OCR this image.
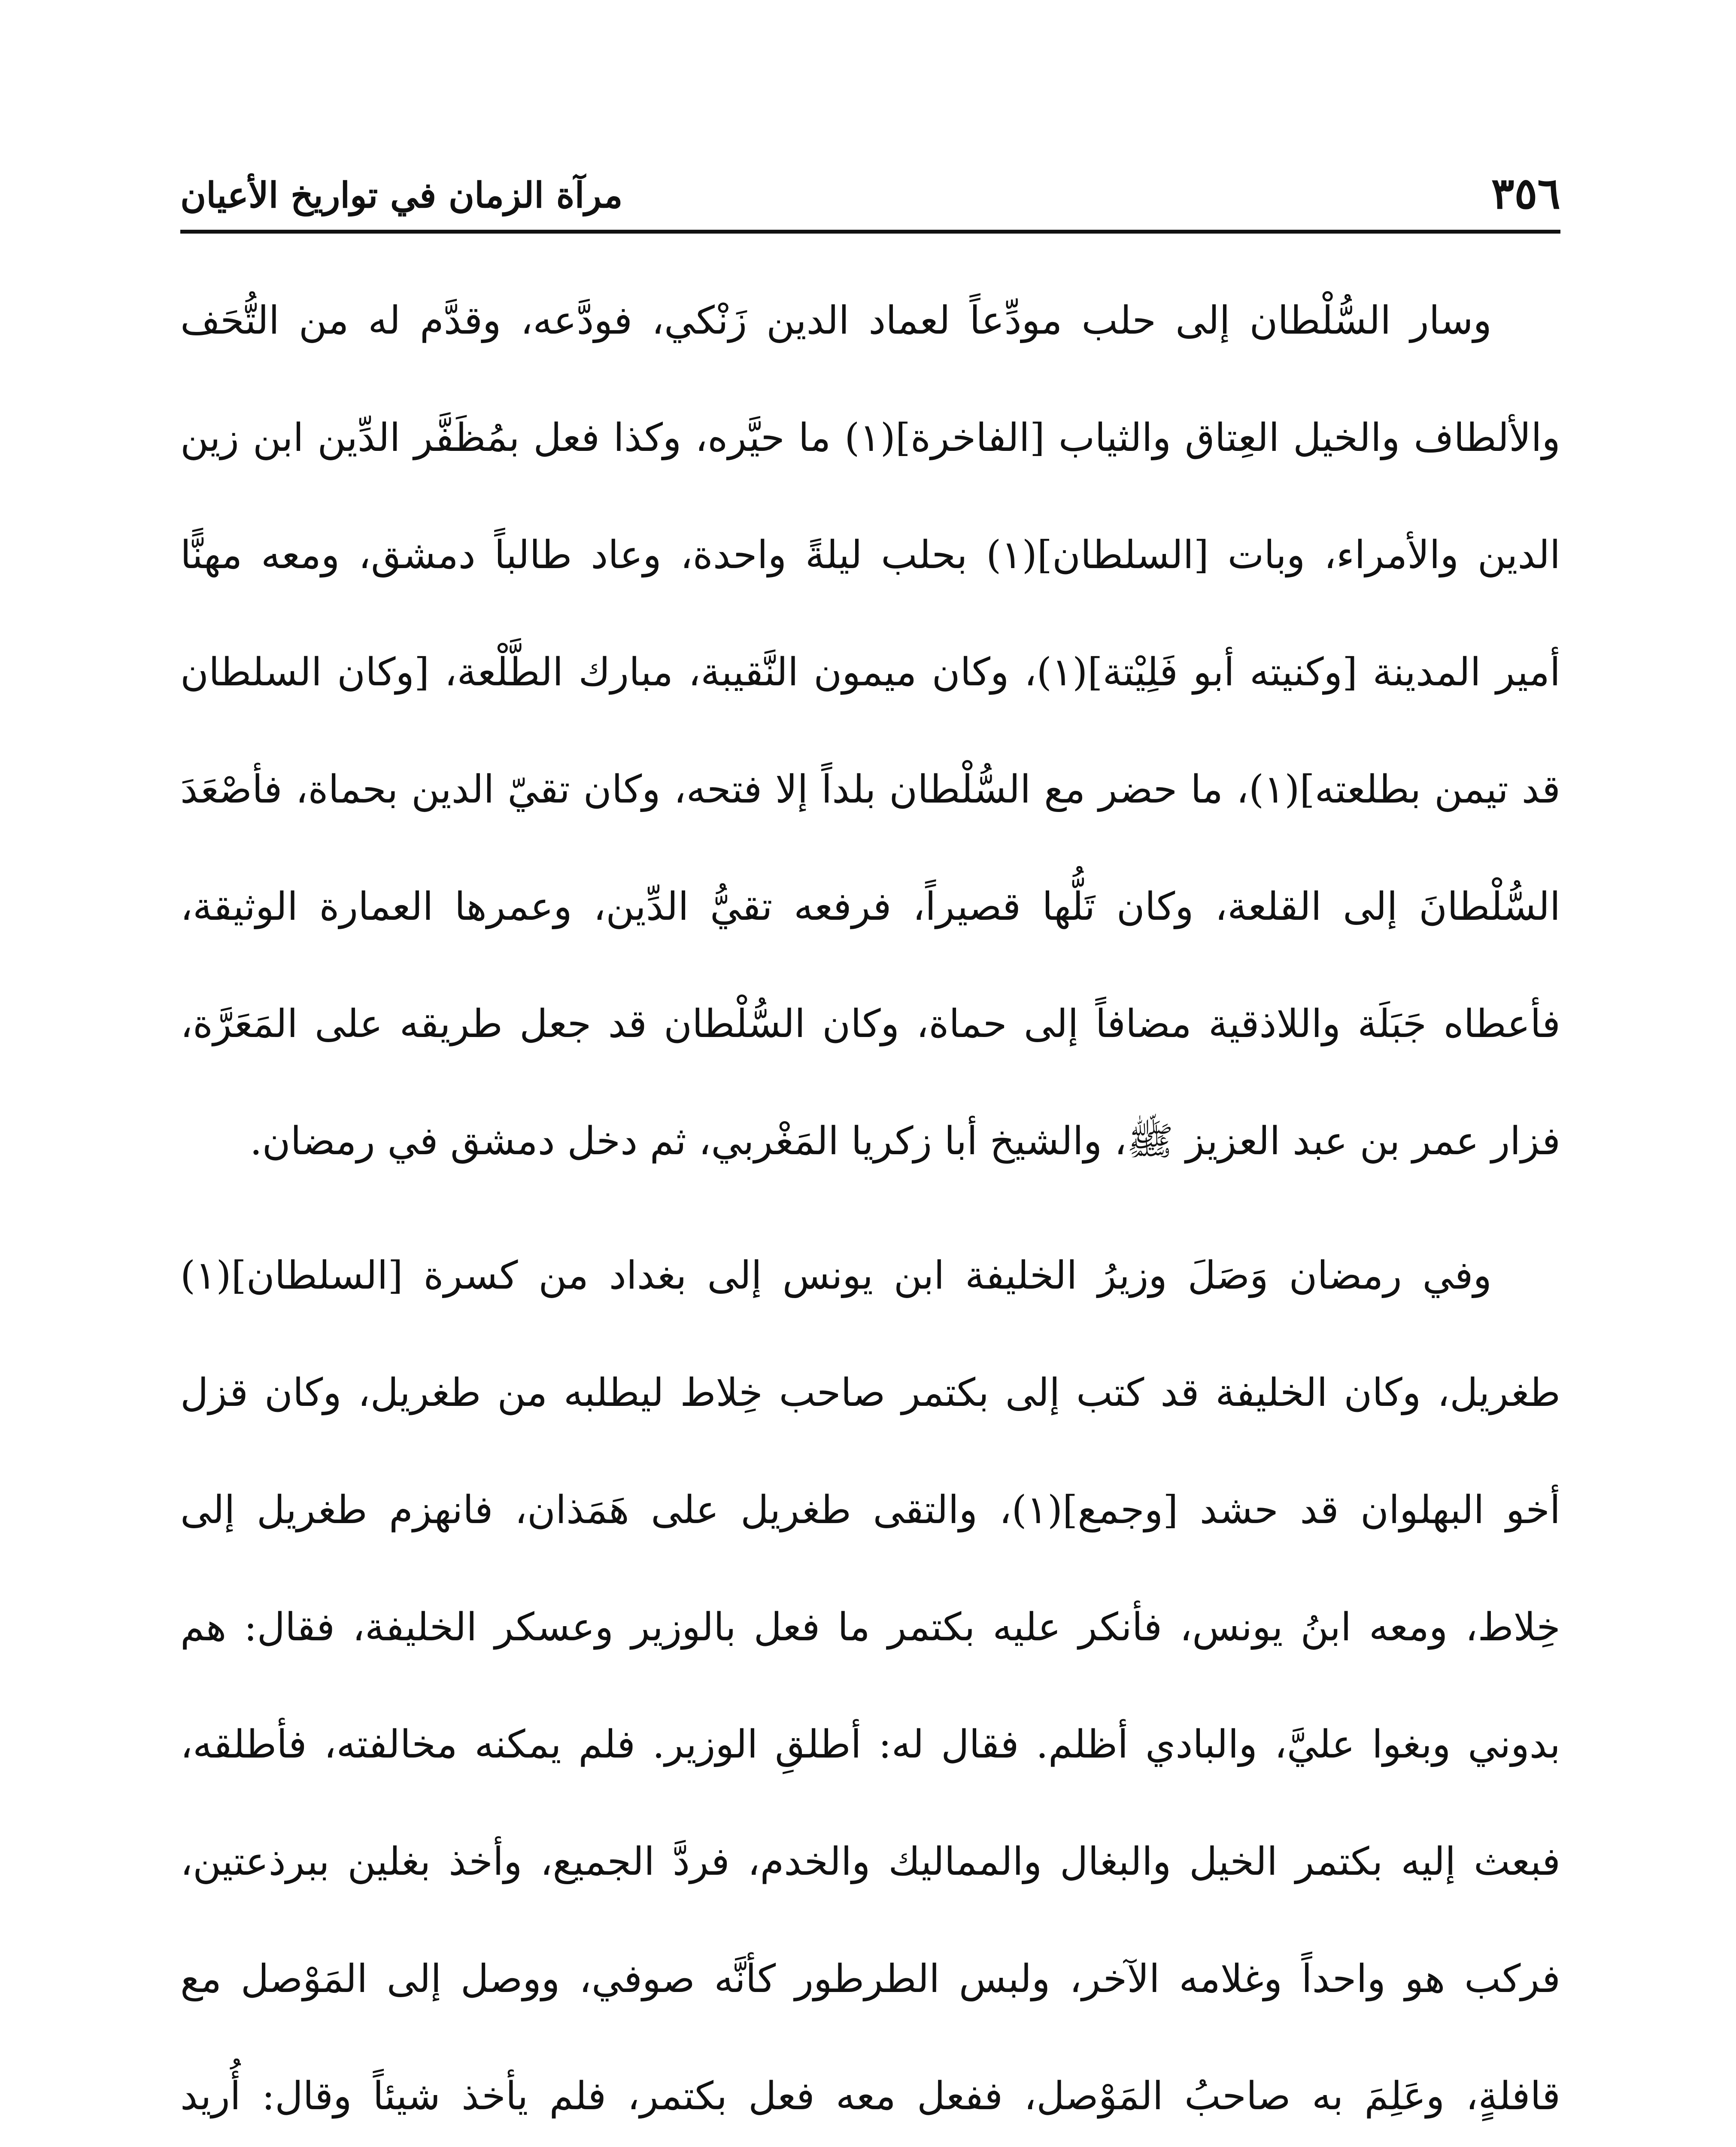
٣٥٦
مرآة الزمان في تواريخ الأعيان

وسار السُّلْطان إلى حلب مودِّعاً لعماد الدين زَنْكي، فودَّعه، وقدَّم له من التُّحَف والألطاف والخيل العِتاق والثياب [الفاخرة](١) ما حيَّره، وكذا فعل بمُظَفَّر الدِّين ابن زين الدين والأمراء، وبات [السلطان](١) بحلب ليلةً واحدة، وعاد طالباً دمشق، ومعه مهنًّا أمير المدينة [وكنيته أبو فَلِيْتة](١)، وكان ميمون النَّقيبة، مبارك الطَّلْعة، [وكان السلطان قد تيمن بطلعته](١)، ما حضر مع السُّلْطان بلداً إلا فتحه، وكان تقيّ الدين بحماة، فأصْعَدَ السُّلْطانَ إلى القلعة، وكان تَلُّها قصيراً، فرفعه تقيُّ الدِّين، وعمرها العمارة الوثيقة، فأعطاه جَبَلَة واللاذقية مضافاً إلى حماة، وكان السُّلْطان قد جعل طريقه على المَعَرَّة، فزار عمر بن عبد العزيز ﷺ، والشيخ أبا زكريا المَغْربي، ثم دخل دمشق في رمضان.

وفي رمضان وَصَلَ وزيرُ الخليفة ابن يونس إلى بغداد من كسرة [السلطان](١) طغريل، وكان الخليفة قد كتب إلى بكتمر صاحب خِلاط ليطلبه من طغريل، وكان قزل أخو البهلوان قد حشد [وجمع](١)، والتقى طغريل على هَمَذان، فانهزم طغريل إلى خِلاط، ومعه ابنُ يونس، فأنكر عليه بكتمر ما فعل بالوزير وعسكر الخليفة، فقال: هم بدوني وبغوا عليَّ، والبادي أظلم. فقال له: أطلقِ الوزير. فلم يمكنه مخالفته، فأطلقه، فبعث إليه بكتمر الخيل والبغال والمماليك والخدم، فردَّ الجميع، وأخذ بغلين ببرذعتين، فركب هو واحداً وغلامه الآخر، ولبس الطرطور كأنَّه صوفي، ووصل إلى المَوْصل مع قافلةٍ، وعَلِمَ به صاحبُ المَوْصل، ففعل معه فعل بكتمر، فلم يأخذ شيئاً وقال: أُريد
